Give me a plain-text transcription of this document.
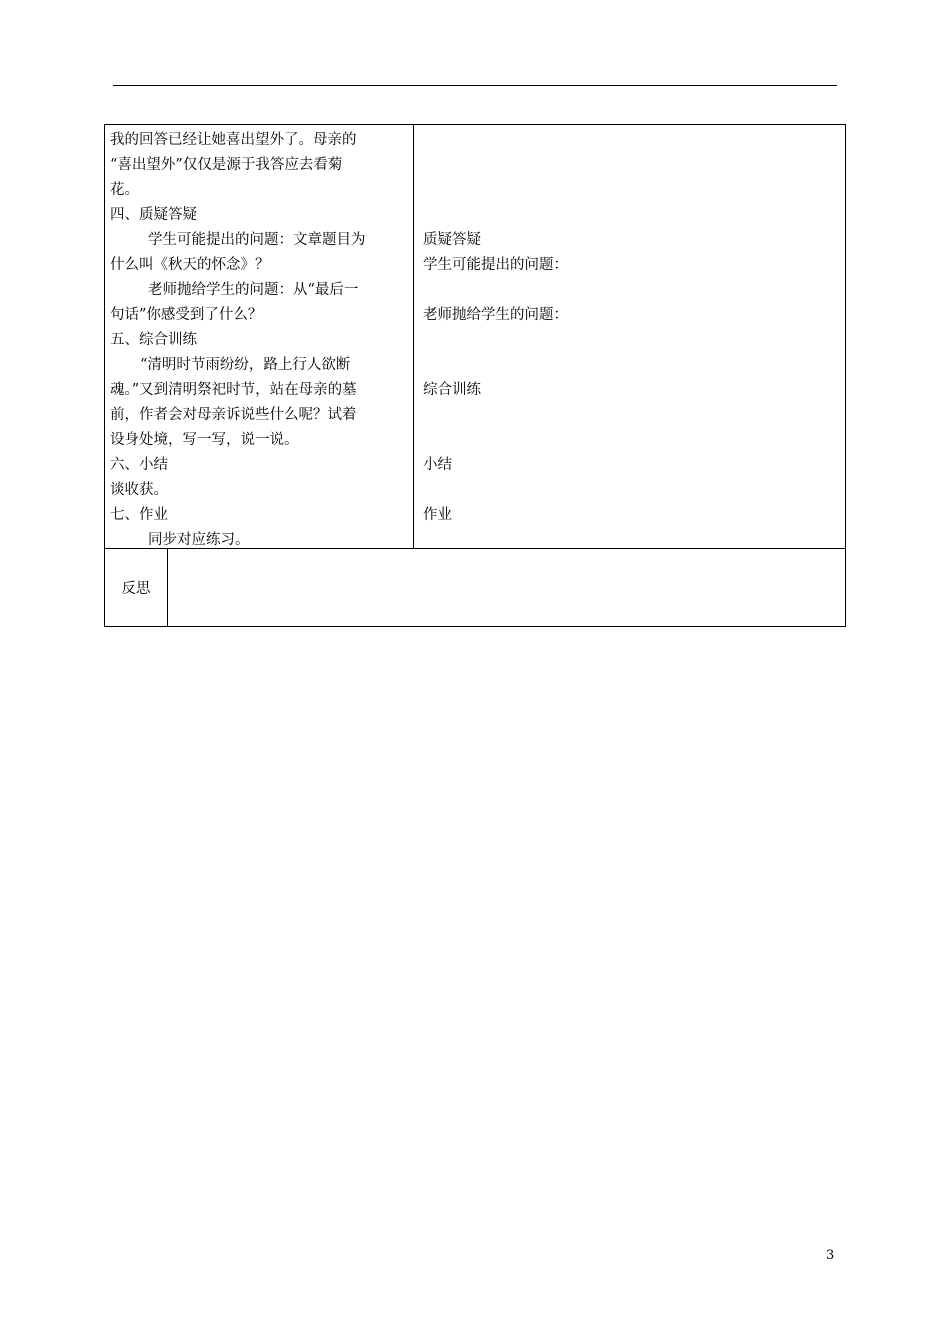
我的回答已经让她喜出望外了。母亲的
“喜出望外”仅仅是源于我答应去看菊
花。
四、质疑答疑
学生可能提出的问题：文章题目为
什么叫《秋天的怀念》？
老师抛给学生的问题：从“最后一
句话”你感受到了什么？
五、综合训练
“清明时节雨纷纷，路上行人欲断
魂。”又到清明祭祀时节，站在母亲的墓
前，作者会对母亲诉说些什么呢？试着
设身处境，写一写，说一说。
六、小结
谈收获。
七、作业
同步对应练习。
质疑答疑
学生可能提出的问题：
老师抛给学生的问题：
综合训练
小结
作业
反思
3
